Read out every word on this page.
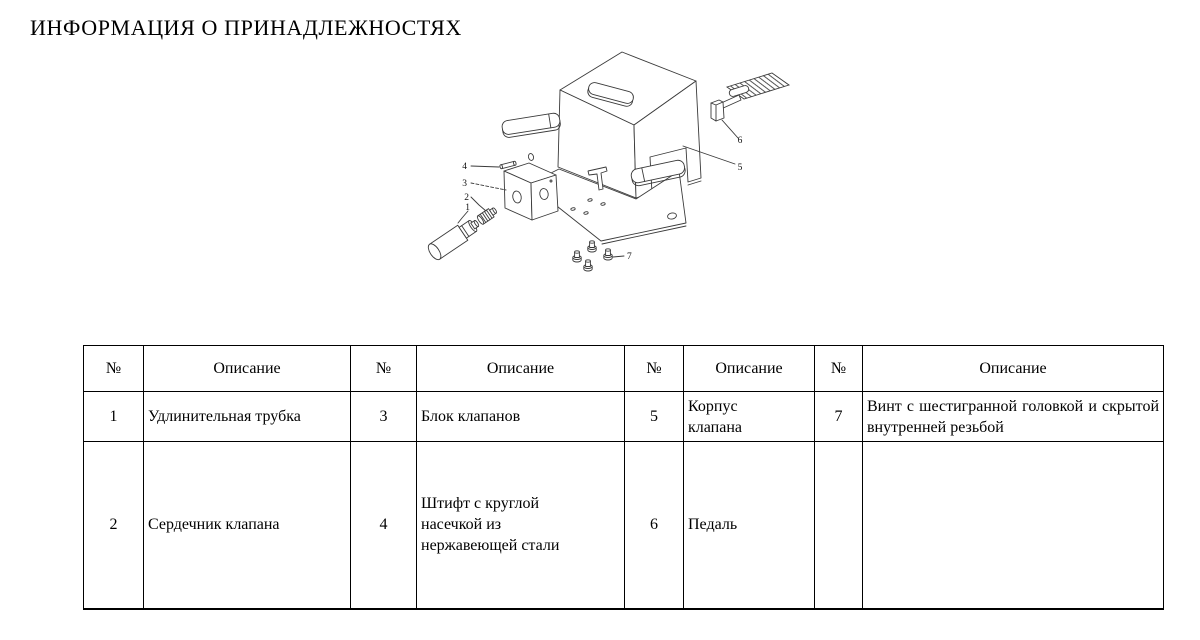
ИНФОРМАЦИЯ О ПРИНАДЛЕЖНОСТЯХ
4
3
2
1
6
5
7
№	Описание	№	Описание	№	Описание	№	Описание
1	Удлинительная трубка	3	Блок клапанов	5	Корпус клапана	7	Винт с шестигранной головкой и скрытой внутренней резьбой
2	Сердечник клапана	4	Штифт с круглой насечкой из нержавеющей стали	6	Педаль		
